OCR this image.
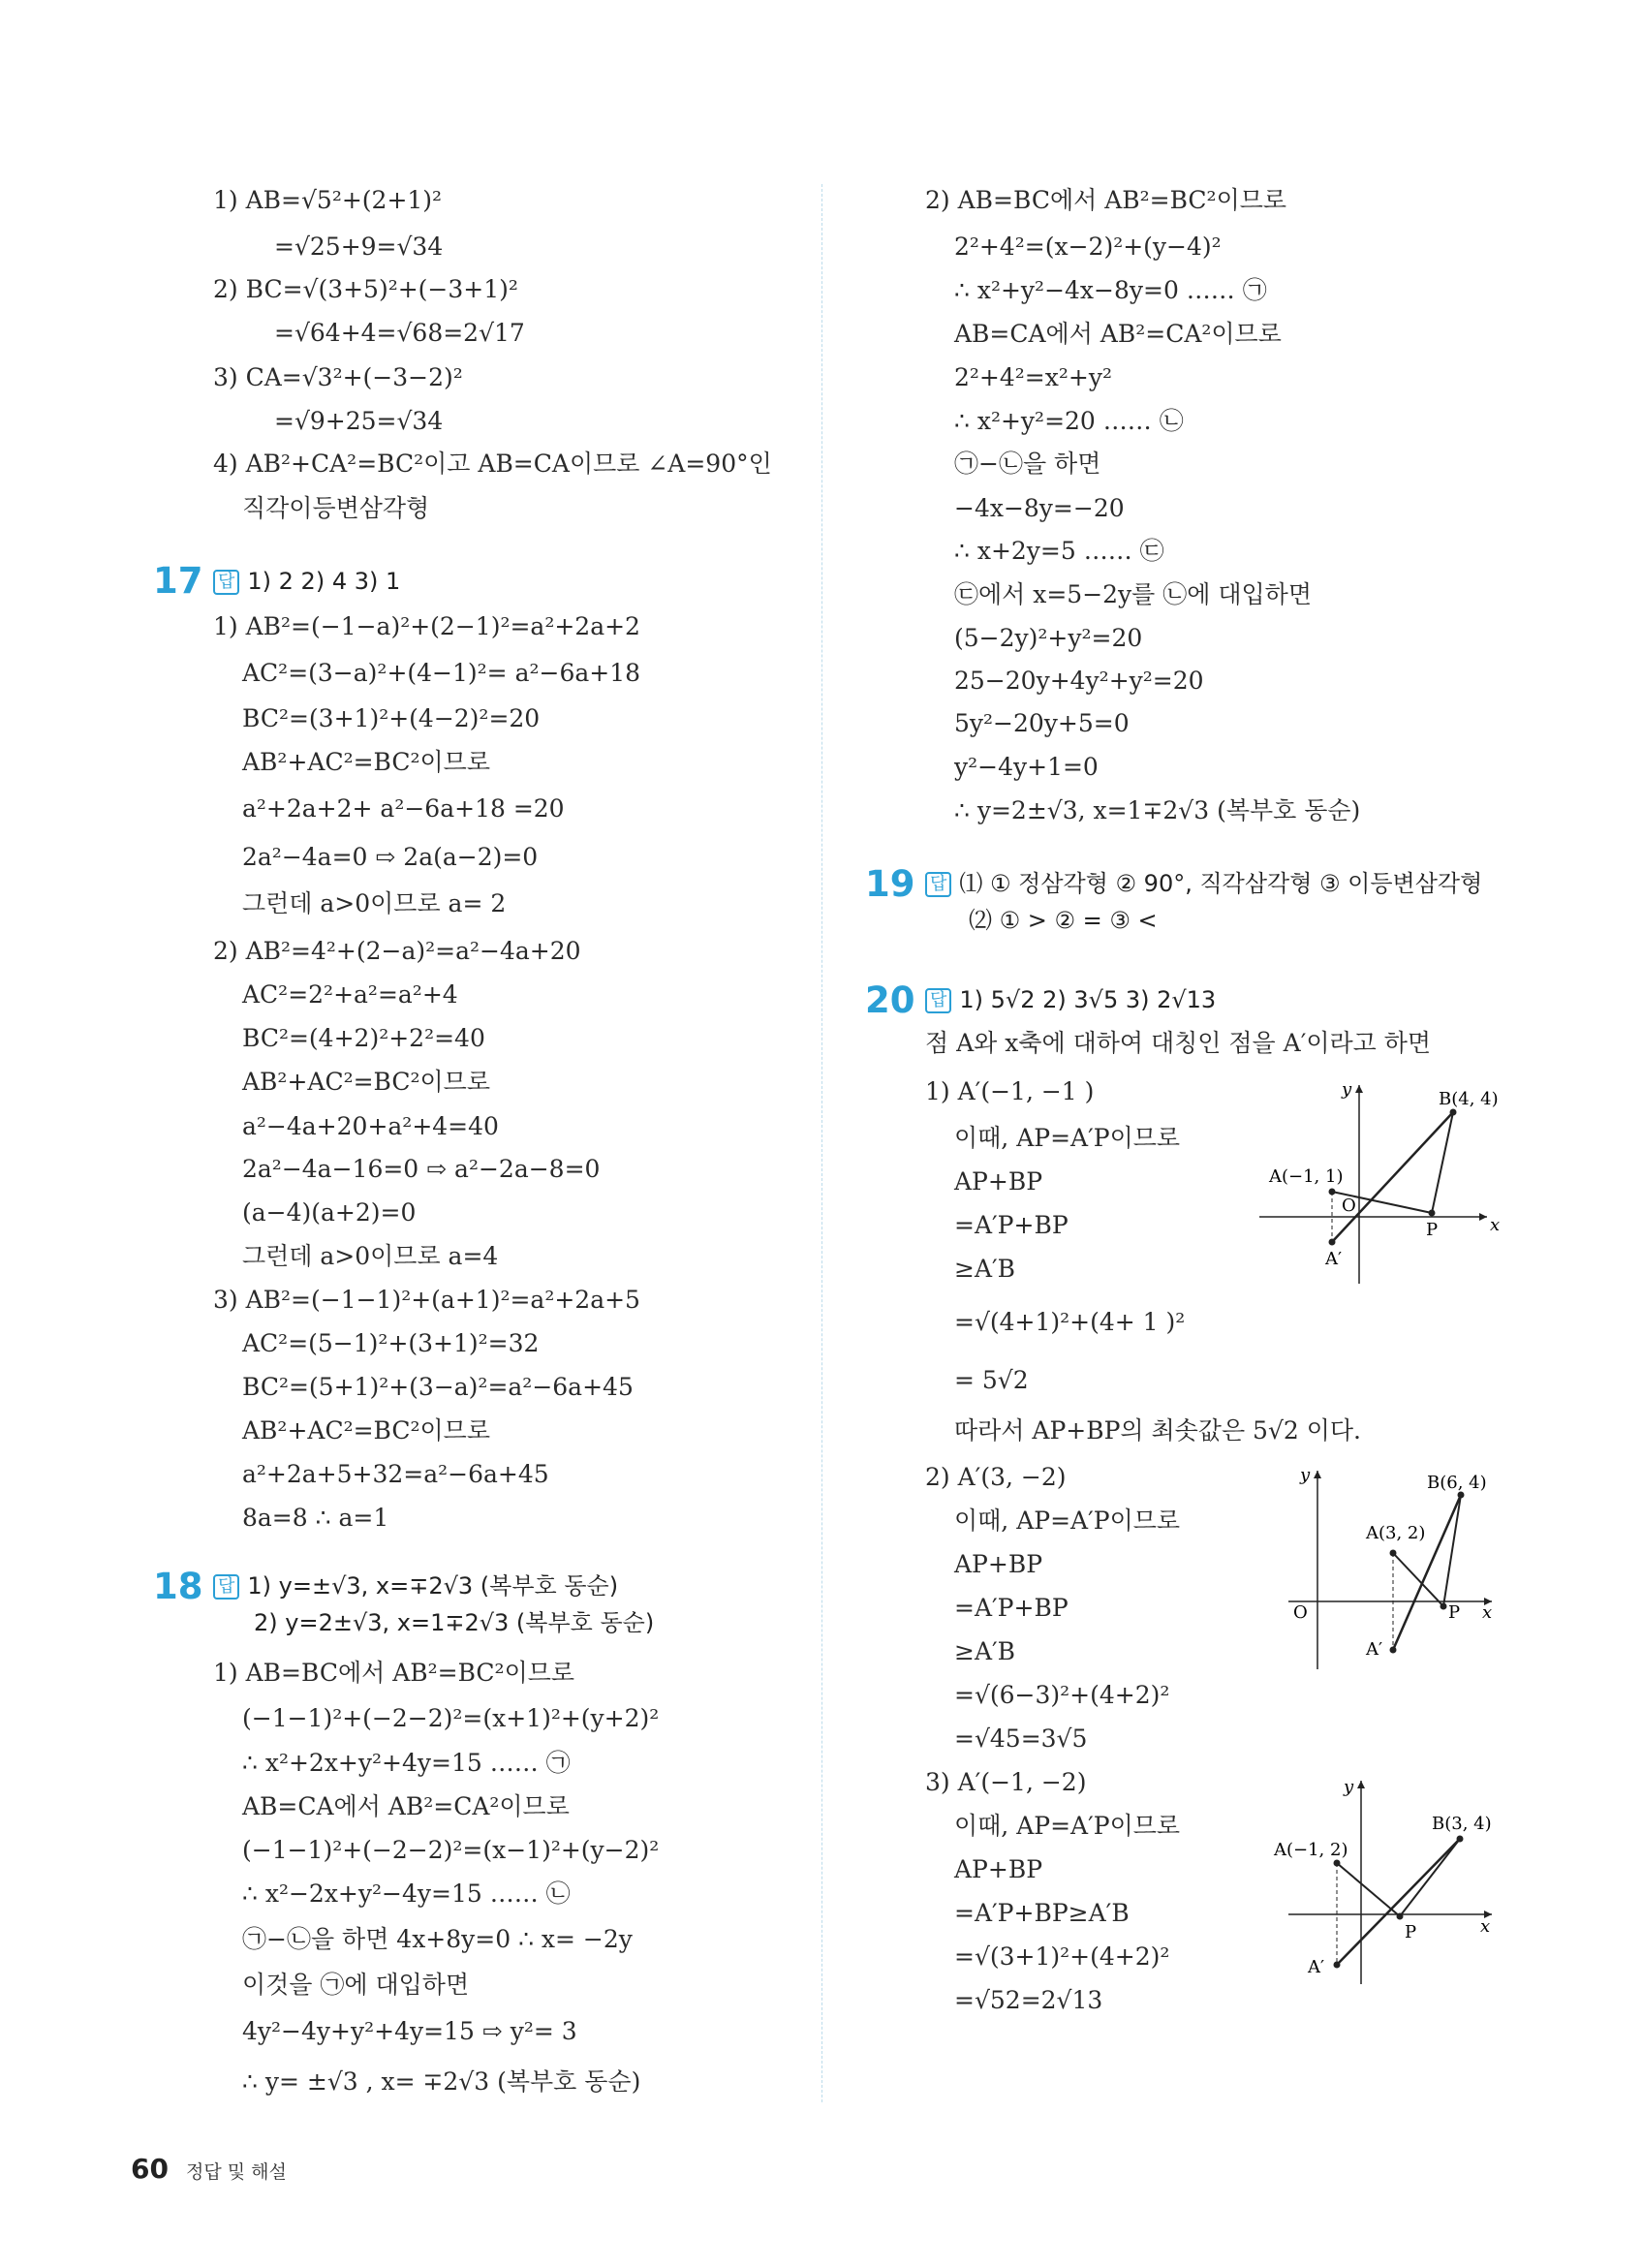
1) AB=√5²+(2+1)²
=√25+9=√34
2) BC=√(3+5)²+(−3+1)²
=√64+4=√68=2√17
3) CA=√3²+(−3−2)²
=√9+25=√34
4) AB²+CA²=BC²이고 AB=CA이므로 ∠A=90°인
직각이등변삼각형
17 답 1) 2 2) 4 3) 1
1) AB²=(−1−a)²+(2−1)²=a²+2a+2
AC²=(3−a)²+(4−1)²= a²−6a+18
BC²=(3+1)²+(4−2)²=20
AB²+AC²=BC²이므로
a²+2a+2+ a²−6a+18 =20
2a²−4a=0 ⇨ 2a(a−2)=0
그런데 a>0이므로 a= 2
2) AB²=4²+(2−a)²=a²−4a+20
AC²=2²+a²=a²+4
BC²=(4+2)²+2²=40
AB²+AC²=BC²이므로
a²−4a+20+a²+4=40
2a²−4a−16=0 ⇨ a²−2a−8=0
(a−4)(a+2)=0
그런데 a>0이므로 a=4
3) AB²=(−1−1)²+(a+1)²=a²+2a+5
AC²=(5−1)²+(3+1)²=32
BC²=(5+1)²+(3−a)²=a²−6a+45
AB²+AC²=BC²이므로
a²+2a+5+32=a²−6a+45
8a=8 ∴ a=1
18 답 1) y=±√3, x=∓2√3 (복부호 동순)
2) y=2±√3, x=1∓2√3 (복부호 동순)
1) AB=BC에서 AB²=BC²이므로
(−1−1)²+(−2−2)²=(x+1)²+(y+2)²
∴ x²+2x+y²+4y=15 …… ㉠
AB=CA에서 AB²=CA²이므로
(−1−1)²+(−2−2)²=(x−1)²+(y−2)²
∴ x²−2x+y²−4y=15 …… ㉡
㉠−㉡을 하면 4x+8y=0 ∴ x= −2y
이것을 ㉠에 대입하면
4y²−4y+y²+4y=15 ⇨ y²= 3
∴ y= ±√3 , x= ∓2√3 (복부호 동순)
2) AB=BC에서 AB²=BC²이므로
2²+4²=(x−2)²+(y−4)²
∴ x²+y²−4x−8y=0 …… ㉠
AB=CA에서 AB²=CA²이므로
2²+4²=x²+y²
∴ x²+y²=20 …… ㉡
㉠−㉡을 하면
−4x−8y=−20
∴ x+2y=5 …… ㉢
㉢에서 x=5−2y를 ㉡에 대입하면
(5−2y)²+y²=20
25−20y+4y²+y²=20
5y²−20y+5=0
y²−4y+1=0
∴ y=2±√3, x=1∓2√3 (복부호 동순)
19 답 ⑴ ① 정삼각형 ② 90°, 직각삼각형 ③ 이등변삼각형
⑵ ① > ② = ③ <
20 답 1) 5√2 2) 3√5 3) 2√13
점 A와 x축에 대하여 대칭인 점을 A′이라고 하면
1) A′(−1, −1 )
이때, AP=A′P이므로
AP+BP
=A′P+BP
≥A′B
=√(4+1)²+(4+ 1 )²
= 5√2
따라서 AP+BP의 최솟값은 5√2 이다.
2) A′(3, −2)
이때, AP=A′P이므로
AP+BP
=A′P+BP
≥A′B
=√(6−3)²+(4+2)²
=√45=3√5
3) A′(−1, −2)
이때, AP=A′P이므로
AP+BP
=A′P+BP≥A′B
=√(3+1)²+(4+2)²
=√52=2√13
y
x
B(4, 4)
A(−1, 1)
O
P
A′
y
x
B(6, 4)
A(3, 2)
O	P
A′
y
x
B(3, 4)
A(−1, 2)
P
A′
60 정답 및 해설
